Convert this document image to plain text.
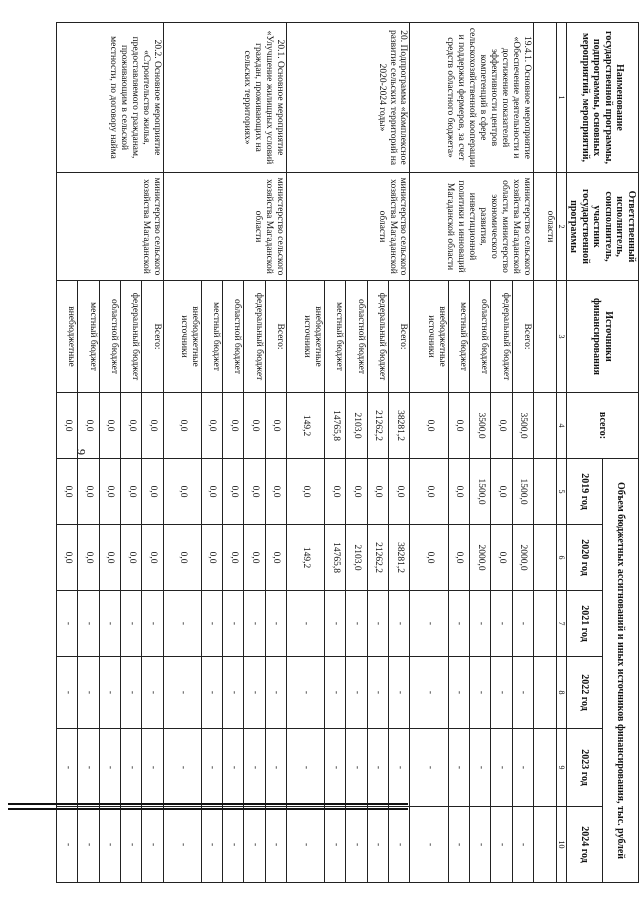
9
Наименование государственной программы, подпрограммы, основных мероприятий, мероприятий,	Ответственный исполнитель, соисполнитель, участник государственной программы	Источники финансирования	всего:	Объем бюджетных ассигнований и иных источников финансирования, тыс. рублей					
				2019 год	2020 год	2021 год	2022 год	2023 год	2024 год
1	2	3	4	5	6	7	8	9	10
	области								
19.4.1. Основное мероприятие «Обеспечение деятельности и достижение показателей эффективности центров компетенций в сфере сельскохозяйственной кооперации и поддержки фермеров, за счет средств областного бюджета»	министерство сельского хозяйства Магаданской области, министерство экономического развития, инвестиционной политики и инноваций Магаданской области	Всего:	3500,0	1500,0	2000,0	-	-	-	-
		федеральный бюджет	0,0	0,0	0,0	-	-	-	-
		областной бюджет	3500,0	1500,0	2000,0	-	-	-	-
		местный бюджет	0,0	0,0	0,0	-	-	-	-
		внебюджетные источники	0,0	0,0	0,0	-	-	-	-
20. Подпрограмма «Комплексное развитие сельских территорий на 2020-2024 годы»	министерство сельского хозяйства Магаданской области	Всего:	38281,2	0,0	38281,2	-	-	-	-
		федеральный бюджет	21262,2	0,0	21262,2	-	-	-	-
		областной бюджет	2103,0	0,0	2103,0	-	-	-	-
		местный бюджет	14765,8	0,0	14765,8	-	-	-	-
		внебюджетные источники	149,2	0,0	149,2	-	-	-	-
20.1. Основное мероприятие «Улучшение жилищных условий граждан, проживающих на сельских территориях»	министерство сельского хозяйства Магаданской области	Всего:	0,0	0,0	0,0	-	-	-	-
		федеральный бюджет	0,0	0,0	0,0	-	-	-	-
		областной бюджет	0,0	0,0	0,0	-	-	-	-
		местный бюджет	0,0	0,0	0,0	-	-	-	-
		внебюджетные источники	0,0	0,0	0,0	-	-	-	-
20.2. Основное мероприятие «Строительство жилья, предоставляемого гражданам, проживающим в сельской местности, по договору найма	министерство сельского хозяйства Магаданской	Всего:	0,0	0,0	0,0	-	-	-	-
		федеральный бюджет	0,0	0,0	0,0	-	-	-	-
		областной бюджет	0,0	0,0	0,0	-	-	-	-
		местный бюджет	0,0	0,0	0,0	-	-	-	-
		внебюджетные	0,0	0,0	0,0	-	-	-	-
